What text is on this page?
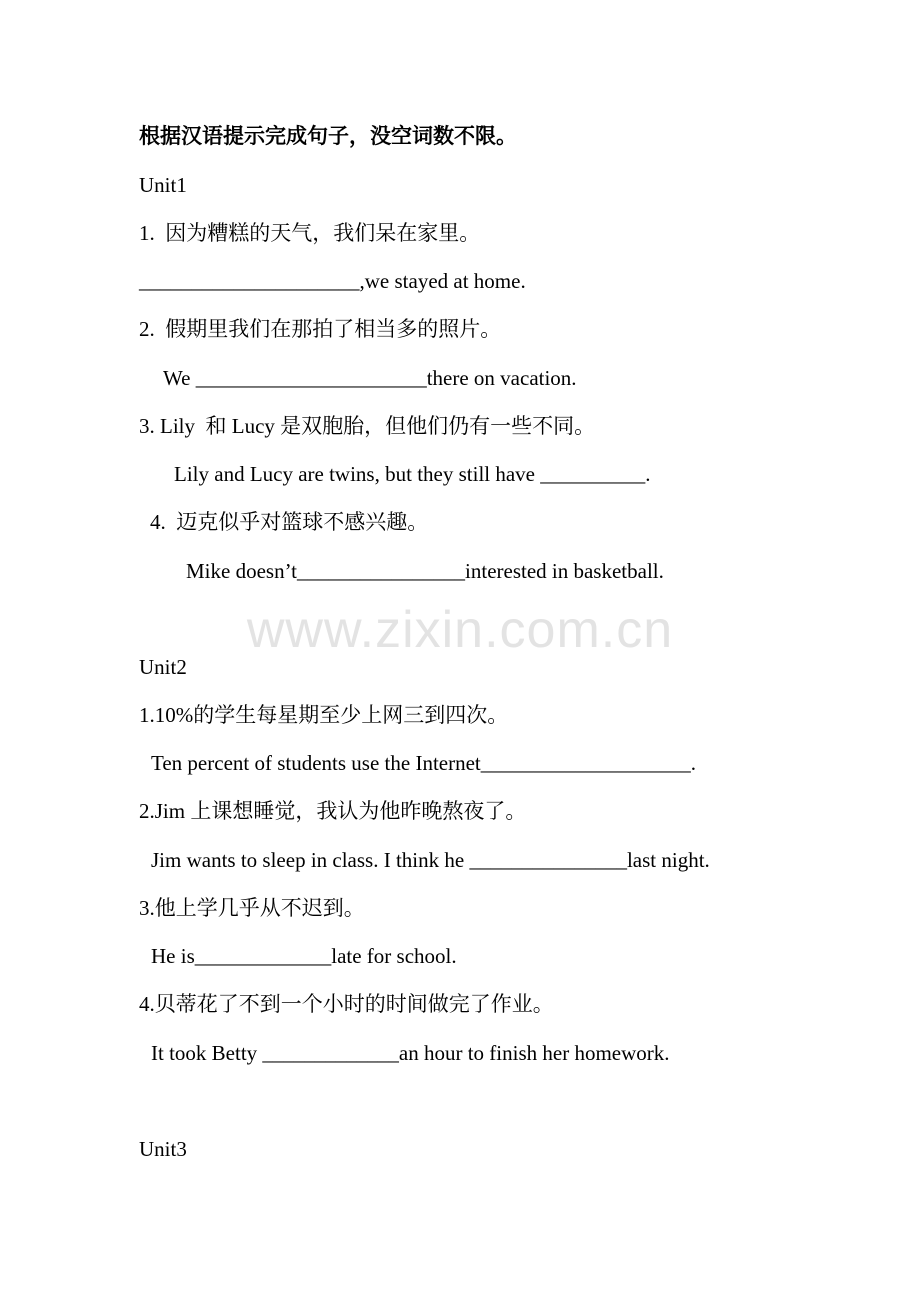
www.zixin.com.cn
根据汉语提示完成句子，没空词数不限。
Unit1
1.  因为糟糕的天气，我们呆在家里。
_____________________,we stayed at home.
2.  假期里我们在那拍了相当多的照片。
We ______________________there on vacation.
3. Lily  和 Lucy 是双胞胎，但他们仍有一些不同。
Lily and Lucy are twins, but they still have __________.
4.  迈克似乎对篮球不感兴趣。
Mike doesn’t________________interested in basketball.
Unit2
1.10%的学生每星期至少上网三到四次。
Ten percent of students use the Internet____________________.
2.Jim 上课想睡觉，我认为他昨晚熬夜了。
Jim wants to sleep in class. I think he _______________last night.
3.他上学几乎从不迟到。
He is_____________late for school.
4.贝蒂花了不到一个小时的时间做完了作业。
It took Betty _____________an hour to finish her homework.
Unit3
